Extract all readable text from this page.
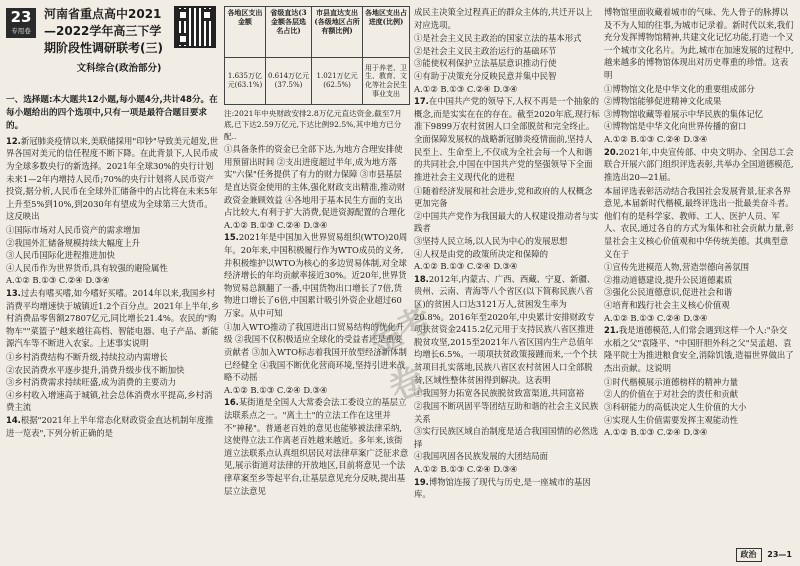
23
专用卷
河南省重点高中2021—2022学年高三下学期阶段性调研联考(三)
文科综合(政治部分)
一、选择题:本大题共12小题,每小题4分,共计48分。在每小题给出的四个选项中,只有一项是最符合题目要求的。

12.新冠肺炎疫情以来,美联储採用"印钞"导致美元超发,世界各国对美元的信任程度不断下降。在此背景下,人民币成为全球多数央行的新选择。2021年全球30%的央行计划未来1—2年内增持人民币;70%的央行计划将人民币资产投资,据分析,人民币在全球外汇储备中的占比将在未来5年上升至5%到10%,到2030年有望成为全球第三大货币。这反映出

①国际市场对人民币资产的需求增加

②我国外汇储备规模持续大幅度上升

③人民币国际化进程推进加快

④人民币作为世界货币,具有较强的避险属性

A.①② B.①③ C.②④ D.③④

13.过去有嗜买嗜,如今嗜好买嗜。2014年以来,我国乡村消费平均增速快于城镇近1.2个百分点。2021年上半年,乡村消费品零售额27807亿元,同比增长21.4%。农民的"购物车""菜篮子"越来越往高档、智能电器、电子产品、新能源汽车等不断进入农家。上述事实说明

①乡村消费结构不断升级,持续拉动内需增长

②农民消费水平逐步提升,消费升级步伐不断加快

③乡村消费需求持续旺盛,成为消费的主要动力

④乡村收入增速高于城镇,社会总体消费水平提高,乡村消费主流

14.根据"2021年上半年常态化财政资金直达机制年度推进一览表",下列分析正确的是

各地区支出金额	省级直达(3金额各层选名占比)	市县直达支出(各级地区占所有额比例)	各地区支出占进度(比例)
1.635万亿元(63.1%)	0.614万亿元(37.5%)	1.021万亿元(62.5%)	用于养老、卫生、教育、文化等社会民生事业支出

注:2021年中央财政安排2.8万亿元直达资金,截至7月底,已下达2.59万亿元,下达比例92.5%,其中地方已分配..

①具备条件的资金已全部下达,为地方合理安排使用预留出时间 ②支出进度超过半年,成为地方落实"六保"任务提供了有力的财力保障 ③市县基层是直达资金使用的主体,强化财政支出精准,推动财政资金兼顾效益 ④各地用于基本民生方面的支出占比较大,有利于扩大消费,促进资源配置的合理化

A.①② B.①③ C.②④ D.③④

15.2021年是中国加入世界贸易组织(WTO)20周年。20年来,中国积极履行作为WTO成员的义务,并积极维护以WTO为核心的多边贸易体制,对全球经济增长的年均贡献率接近30%。近20年,世界货物贸易总额翻了一番,中国货物出口增长了7倍,货物进口增长了6倍,中国累计吸引外资企业超过60万家。从中可知

①加入WTO推动了我国进出口贸易结构的优化升级 ②我国不仅积极适应全球化的受益者还是重要贡献者 ③加入WTO标志着我国开放型经济新体制已经健全 ④我国不断优化营商环境,坚持引进来战略不动摇

A.①② B.①③ C.②④ D.③④

16.某街道是全国人大常委会法工委设立的基层立法联系点之一。"离土土"的立法工作在这里并不"神秘"。普通老百姓的意见也能够被法律采纳,这使得立法工作离老百姓越来越近。多年来,该街道立法联系点认真组织居民对法律草案广泛征求意见,展示街道对法律的开放地区,目前将意见一个法律草案至乡等起平台,让基层意见充分反映,提出基层立法意见

成民主决策全过程真正的群众主体的,共迁开以上对应选项。

①是社会主义民主政治的国家立法的基本形式

②是社会主义民主政治运行的基础环节

③能使权利保护立法基层意识推动行使

④有助于决策充分反映民意并集中民智

A.①② B.①③ C.②④ D.③④

17.在中国共产党的领导下,人权不再是一个抽象的概念,而是实实在在的存在。截至2020年底,现行标准下9899万农村贫困人口全部脱贫和完全终止。全面保障发展权的战略新冠肺炎疫情面前,坚持人民至上、生命至上,不仅成为全社会每一个人和谐的共同社会,中国在中国共产党的坚强领导下全面推进社会主义现代化的进程

①随着经济发展和社会进步,党和政府的人权概念更加完备

②中国共产党作为我国最大的人权建设推动者与实践者

③坚持人民立场,以人民为中心的发展思想

④人权是由党的政策所决定和保障的

A.①② B.①③ C.②④ D.③④

18.2012年,内蒙古、广西、西藏、宁夏、新疆、贵州、云南、青海等八个省区(以下简称民族八省区)的贫困人口达3121万人,贫困发生率为20.8%。2016年至2020年,中央累计安排财政专项扶贫资金2415.2亿元用于支持民族八省区推进脱贫攻坚,2015至2021年八省区国内生产总值年均增长6.5%。一项项扶贫政策接踵而来,一个个扶贫项目扎实落地,民族八省区农村贫困人口全部脱贫,区域性整体贫困得到解决。这表明

①我国努力拓宽各民族脱贫致富渠道,共同富裕

②我国不断巩固平等团结互助和谐的社会主义民族关系

③实行民族区域自治制度是适合我国国情的必然选择

④我国巩固各民族发展的大团结局面

A.①② B.①③ C.②④ D.③④

19.博物馆连接了现代与历史,是一座城市的基因库。

博物馆里面收藏着城市的气味、先人骨子的脉搏以及不为人知的往事,为城市记录着。新时代以来,我们充分发挥博物馆精神,共建文化记忆功能,打造一个又一个城市文化名片。为此,城市在加速发展的过程中,越来越多的博物馆体现出对历史尊重的珍惜。这表明

①博物馆文化是中华文化的重要组成部分

②博物馆能够促进精神文化成果

③博物馆收藏等着展示中华民族的集体记忆

④博物馆是中华文化向世界传播的窗口

A.①② B.①③ C.②④ D.③④

20.2021年,中央宣传部、中央文明办、全国总工会联合开展六部门组织评选表彰,共举办全国道德模范,推选出20—21届。

本届评选表彰活动结合我国社会发展背景,征求各界意见,本届新时代楷模,最终评选出一批最美奋斗者。他们有的是科学家、教师、工人、医护人员、军人、农民,通过各自的方式为集体和社会贡献力量,彰显社会主义核心价值观和中华传统美德。其典型意义在于

①宣传先进模范人物,营造崇德向善氛围

②推动道德建设,提升公民道德素质

③强化公民道德意识,促进社会和谐

④培育和践行社会主义核心价值观

A.①② B.①③ C.②④ D.③④

21.我是道德模范,人们常会遇到这样一个人:"杂交水稻之父"袁隆平、"中国肝胆外科之父"吴孟超、袁隆平院士为推进粮食安全,消除饥饿,造福世界做出了杰出贡献。这说明

①时代楷模展示道德榜样的精神力量

②人的价值在于对社会的责任和贡献

③科研能力的高低决定人生价值的大小

④实现人生价值需要发挥主观能动性

A.①② B.①③ C.②④ D.③④

金考卷
政治 23—1
